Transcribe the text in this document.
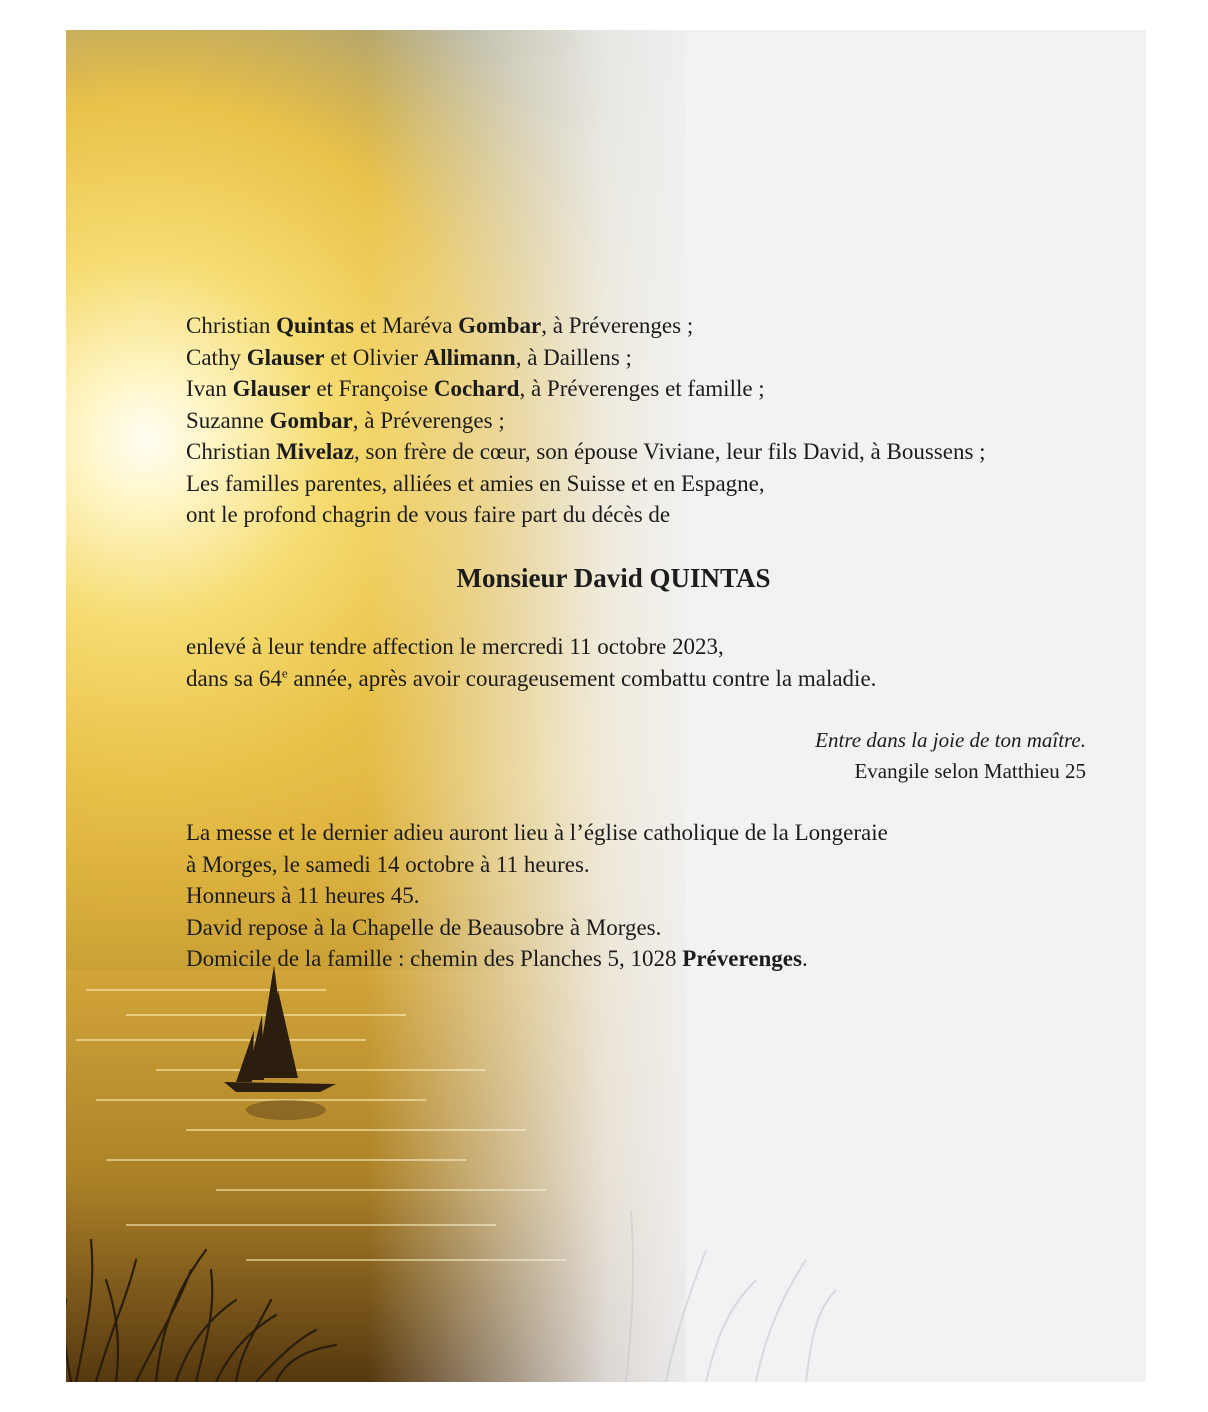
Christian Quintas et Maréva Gombar, à Préverenges ;
Cathy Glauser et Olivier Allimann, à Daillens ;
Ivan Glauser et Françoise Cochard, à Préverenges et famille ;
Suzanne Gombar, à Préverenges ;
Christian Mivelaz, son frère de cœur, son épouse Viviane, leur fils David, à Boussens ;
Les familles parentes, alliées et amies en Suisse et en Espagne,
ont le profond chagrin de vous faire part du décès de
Monsieur David QUINTAS
enlevé à leur tendre affection le mercredi 11 octobre 2023,
dans sa 64e année, après avoir courageusement combattu contre la maladie.
Entre dans la joie de ton maître.
Evangile selon Matthieu 25
La messe et le dernier adieu auront lieu à l’église catholique de la Longeraie
à Morges, le samedi 14 octobre à 11 heures.
Honneurs à 11 heures 45.
David repose à la Chapelle de Beausobre à Morges.
Domicile de la famille : chemin des Planches 5, 1028 Préverenges.
